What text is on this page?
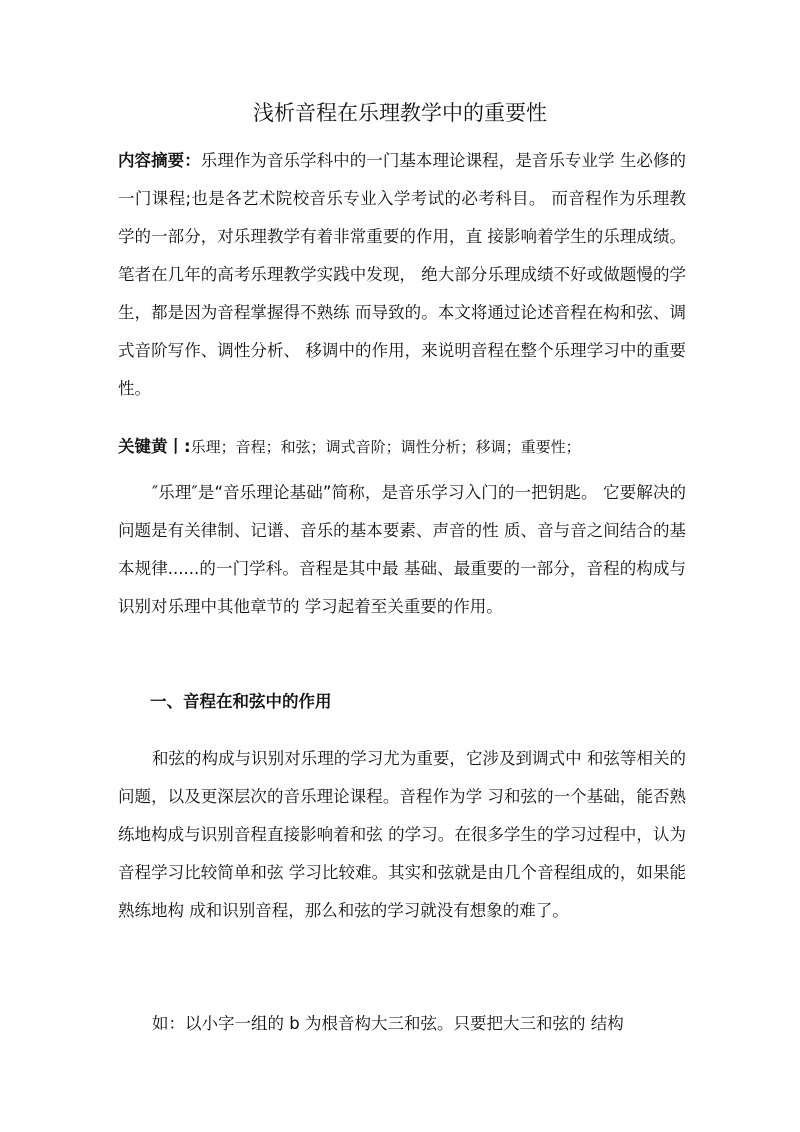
浅析音程在乐理教学中的重要性

内容摘要：乐理作为音乐学科中的一门基本理论课程，是音乐专业学 生必修的一门课程;也是各艺术院校音乐专业入学考试的必考科目。 而音程作为乐理教学的一部分，对乐理教学有着非常重要的作用，直 接影响着学生的乐理成绩。笔者在几年的高考乐理教学实践中发现， 绝大部分乐理成绩不好或做题慢的学生，都是因为音程掌握得不熟练 而导致的。本文将通过论述音程在构和弦、调式音阶写作、调性分析、 移调中的作用，来说明音程在整个乐理学习中的重要性。

关键黄丨:乐理；音程；和弦；调式音阶；调性分析；移调；重要性；

″乐理″是“音乐理论基础”简称，是音乐学习入门的一把钥匙。 它要解决的问题是有关律制、记谱、音乐的基本要素、声音的性 质、音与音之间结合的基本规律......的一门学科。音程是其中最 基础、最重要的一部分，音程的构成与识别对乐理中其他章节的 学习起着至关重要的作用。

一、音程在和弦中的作用

和弦的构成与识别对乐理的学习尤为重要，它涉及到调式中 和弦等相关的问题，以及更深层次的音乐理论课程。音程作为学 习和弦的一个基础，能否熟练地构成与识别音程直接影响着和弦 的学习。在很多学生的学习过程中，认为音程学习比较简单和弦 学习比较难。其实和弦就是由几个音程组成的，如果能熟练地构 成和识别音程，那么和弦的学习就没有想象的难了。

如：以小字一组的 b 为根音构大三和弦。只要把大三和弦的 结构
